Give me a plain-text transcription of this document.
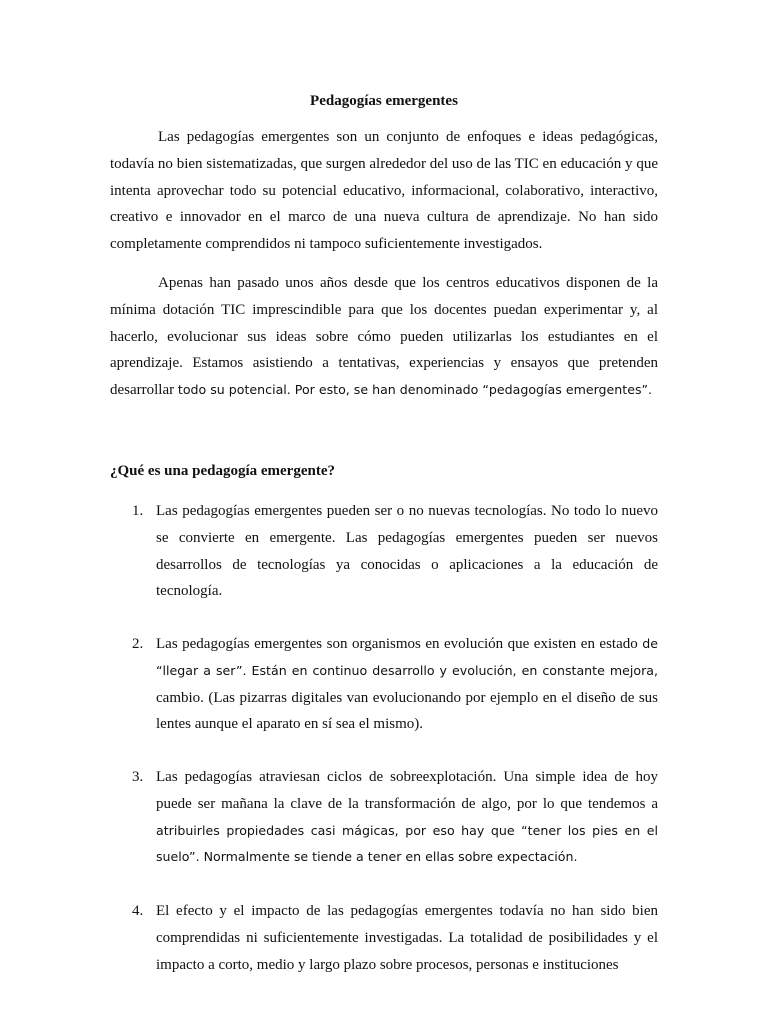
Pedagogías emergentes

Las pedagogías emergentes son un conjunto de enfoques e ideas pedagógicas, todavía no bien sistematizadas, que surgen alrededor del uso de las TIC en educación y que intenta aprovechar todo su potencial educativo, informacional, colaborativo, interactivo, creativo e innovador en el marco de una nueva cultura de aprendizaje. No han sido completamente comprendidos ni tampoco suficientemente investigados.

Apenas han pasado unos años desde que los centros educativos disponen de la mínima dotación TIC imprescindible para que los docentes puedan experimentar y, al hacerlo, evolucionar sus ideas sobre cómo pueden utilizarlas los estudiantes en el aprendizaje. Estamos asistiendo a tentativas, experiencias y ensayos que pretenden desarrollar todo su potencial. Por esto, se han denominado “pedagogías emergentes”.

¿Qué es una pedagogía emergente?
1. Las pedagogías emergentes pueden ser o no nuevas tecnologías. No todo lo nuevo se convierte en emergente. Las pedagogías emergentes pueden ser nuevos desarrollos de tecnologías ya conocidas o aplicaciones a la educación de tecnología.

2. Las pedagogías emergentes son organismos en evolución que existen en estado de “llegar a ser”. Están en continuo desarrollo y evolución, en constante mejora, cambio. (Las pizarras digitales van evolucionando por ejemplo en el diseño de sus lentes aunque el aparato en sí sea el mismo).

3. Las pedagogías atraviesan ciclos de sobreexplotación. Una simple idea de hoy puede ser mañana la clave de la transformación de algo, por lo que tendemos a atribuirles propiedades casi mágicas, por eso hay que “tener los pies en el suelo”. Normalmente se tiende a tener en ellas sobre expectación.

4. El efecto y el impacto de las pedagogías emergentes todavía no han sido bien comprendidas ni suficientemente investigadas. La totalidad de posibilidades y el impacto a corto, medio y largo plazo sobre procesos, personas e instituciones
